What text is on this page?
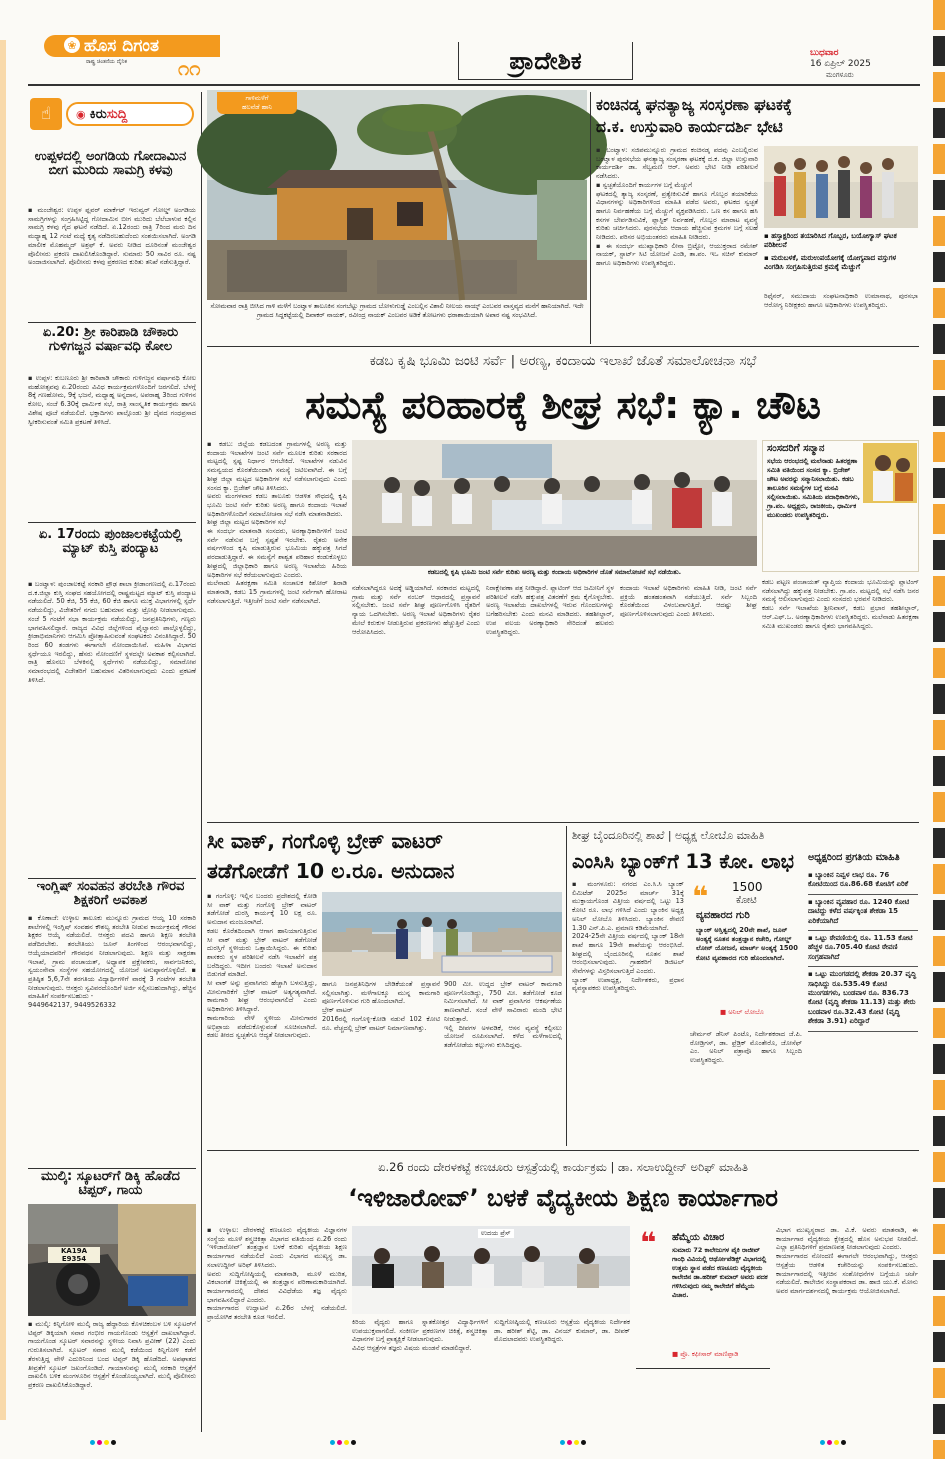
❀ ಹೊಸ ದಿಗಂತ
ರಾಷ್ಟ್ರ ಚಿಂತನೆಯ ದೈನಿಕ	೧೧	ಪ್ರಾದೇಶಿಕ	ಬುಧವಾರ
16 ಏಪ್ರಿಲ್ 2025
ಮಂಗಳೂರು
☝	◉ ಕಿರು ಸುದ್ದಿ
ಉಪ್ಪಳದಲ್ಲಿ ಅಂಗಡಿಯ ಗೋದಾಮಿನ ಬೀಗ ಮುರಿದು ಸಾಮಗ್ರಿ ಕಳವು
▪ ಮಂಜೇಶ್ವರ: ಉಪ್ಪಳ ಫ್ಲವರ್ ಮಾರ್ಕೆಟ್ ಇರುವ್ವರ್ ಗೋಲ್ಡ್ ಅಂಗಡಿಯ ಸಾಮಗ್ರಿಗಳನ್ನು ಸಂಗ್ರಹಿಸಿಟ್ಟಿದ್ದ ಗೋದಾಮಿನ ಬೀಗ ಮುರಿದು ಬೆಲೆಬಾಳುವ ಕಲ್ಲಿನ ಸಾಮಗ್ರಿ ಕಳವು ಗೈದ ಘಟನೆ ನಡೆದಿದೆ. ಏ.12ರಂದು ರಾತ್ರಿ 7ರಿಂದ ಮರು ದಿನ ಮಧ್ಯಾಹ್ನ 12 ಗಂಟೆ ಮಧ್ಯೆ ಕೃತ್ಯ ನಡೆದಿರಬಹುದೆಂದು ಸಂಶಯಿಸಲಾಗಿದೆ. ಅಂಗಡಿ ಮಾಲೀಕ ಮೊಹಮ್ಮದ್ ಅಶ್ರಫ್ ಕೆ. ಅವರು ನೀಡಿದ ದೂರಿನಂತೆ ಮಂಜೇಶ್ವರ ಪೊಲೀಸರು ಪ್ರಕರಣ ದಾಖಲಿಸಿಕೊಂಡಿದ್ದಾರೆ. ಸುಮಾರು 50 ಸಾವಿರ ರೂ. ನಷ್ಟ ಅಂದಾಜಿಸಲಾಗಿದೆ. ಪೊಲೀಸರು ಕಳವು ಪ್ರಕರಣದ ಕುರಿತು ತನಿಖೆ ನಡೆಸುತ್ತಿದ್ದಾರೆ.
ಏ.20: ಶ್ರೀ ಕಾರಿಪಾಡಿ ಚೌಕಾರು ಗುಳಿಗಜ್ಜನ ವರ್ಷಾವಧಿ ಕೋಲ
▪ ಉಪ್ಪಳ: ಕುಬಣೂರು ಶ್ರೀ ಕಾರಿಪಾಡಿ ಚೌಕಾರು ಗುಳಿಗಜ್ಜನ ವರ್ಷಾವಧಿ ಕೋಲ ಮಹೋತ್ಸವವು ಏ.20ರಂದು ವಿವಿಧ ಕಾರ್ಯಕ್ರಮಗಳೊಂದಿಗೆ ಜರಗಲಿದೆ. ಬೆಳಗ್ಗೆ 8ಕ್ಕೆ ಗಣಹೋಮ, 9ಕ್ಕೆ ಭಜನೆ, ಮಧ್ಯಾಹ್ನ ಅನ್ನದಾನ, ಅಪರಾಹ್ನ 3ರಿಂದ ಗುಳಿಗನ ಕೋಲ, ಸಂಜೆ 6.30ಕ್ಕೆ ಧಾರ್ಮಿಕ ಸಭೆ, ರಾತ್ರಿ ಸಾಂಸ್ಕೃತಿಕ ಕಾರ್ಯಕ್ರಮ ಹಾಗೂ ವಿಶೇಷ ಪೂಜೆ ನಡೆಯಲಿದೆ. ಭಕ್ತಾದಿಗಳು ಪಾಲ್ಗೊಂಡು ಶ್ರೀ ದೈವದ ಗಂಧಪ್ರಸಾದ ಸ್ವೀಕರಿಸುವಂತೆ ಸಮಿತಿ ಪ್ರಕಟಣೆ ತಿಳಿಸಿದೆ.
ಏ. 17ರಂದು ಪುಂಜಾಲಕಟ್ಟೆಯಲ್ಲಿ ಮ್ಯಾಟ್ ಕುಸ್ತಿ ಪಂದ್ಯಾಟ
▪ ಬಂಟ್ವಾಳ: ಪುಂಜಾಲಕಟ್ಟೆ ಸರಕಾರಿ ಪ್ರೌಢ ಶಾಲಾ ಕ್ರೀಡಾಂಗಣದಲ್ಲಿ ಏ.17ರಂದು ದ.ಕ.ಜಿಲ್ಲಾ ಕುಸ್ತಿ ಸಂಘದ ಸಹಯೋಗದಲ್ಲಿ ರಾಷ್ಟ್ರಮಟ್ಟದ ಮ್ಯಾಟ್ ಕುಸ್ತಿ ಪಂದ್ಯಾಟ ನಡೆಯಲಿದೆ. 50 ಕೆಜಿ, 55 ಕೆಜಿ, 60 ಕೆಜಿ ಹಾಗೂ ಮುಕ್ತ ವಿಭಾಗಗಳಲ್ಲಿ ಸ್ಪರ್ಧೆ ನಡೆಯಲಿದ್ದು, ವಿಜೇತರಿಗೆ ನಗದು ಬಹುಮಾನ ಮತ್ತು ಟ್ರೋಫಿ ನೀಡಲಾಗುವುದು. ಸಂಜೆ 5 ಗಂಟೆಗೆ ಸಭಾ ಕಾರ್ಯಕ್ರಮ ನಡೆಯಲಿದ್ದು, ಜನಪ್ರತಿನಿಧಿಗಳು, ಗಣ್ಯರು ಭಾಗವಹಿಸಲಿದ್ದಾರೆ. ರಾಜ್ಯದ ವಿವಿಧ ಜಿಲ್ಲೆಗಳಿಂದ ಪೈಲ್ವಾನರು ಪಾಲ್ಗೊಳ್ಳಲಿದ್ದು, ಕ್ರೀಡಾಭಿಮಾನಿಗಳು ಆಗಮಿಸಿ ಪ್ರೋತ್ಸಾಹಿಸುವಂತೆ ಸಂಘಟಕರು ವಿನಂತಿಸಿದ್ದಾರೆ. 50 ರಿಂದ 60 ತಂಡಗಳು ಈಗಾಗಲೇ ನೋಂದಾಯಿಸಿವೆ. ಮಹಿಳಾ ವಿಭಾಗದ ಸ್ಪರ್ಧೆಯೂ ಇರಲಿದ್ದು, ಹೆಸರು ನೋಂದಣಿಗೆ ಸ್ಥಳದಲ್ಲೇ ಅವಕಾಶ ಕಲ್ಪಿಸಲಾಗಿದೆ. ರಾತ್ರಿ ಹೊನಲು ಬೆಳಕಿನಲ್ಲಿ ಸ್ಪರ್ಧೆಗಳು ನಡೆಯಲಿದ್ದು, ಸಮಾರೋಪ ಸಮಾರಂಭದಲ್ಲಿ ವಿಜೇತರಿಗೆ ಬಹುಮಾನ ವಿತರಿಸಲಾಗುವುದು ಎಂದು ಪ್ರಕಟಣೆ ತಿಳಿಸಿದೆ.
ಇಂಗ್ಲಿಷ್ ಸಂವಹನ ತರಬೇತಿ ಗೌರವ ಶಿಕ್ಷಕರಿಗೆ ಅವಕಾಶ
▪ ಕೊಣಾಜೆ: ಉಳ್ಳಾಲ ತಾಲೂಕು ಮುನ್ನೂರು ಗ್ರಾಮದ ಆಯ್ದ 10 ಸರಕಾರಿ ಶಾಲೆಗಳಲ್ಲಿ ಇಂಗ್ಲಿಷ್ ಸಂವಹನ ಕೌಶಲ್ಯ ತರಬೇತಿ ನೀಡುವ ಕಾರ್ಯಕ್ರಮಕ್ಕೆ ಗೌರವ ಶಿಕ್ಷಕರ ಆಯ್ಕೆ ನಡೆಯಲಿದೆ. ಆಸಕ್ತರು ಪದವಿ ಹಾಗೂ ಶಿಕ್ಷಣ ತರಬೇತಿ ಪಡೆದಿರಬೇಕು. ತರಬೇತಿಯು ಜೂನ್ ತಿಂಗಳಿಂದ ಆರಂಭವಾಗಲಿದ್ದು, ಆಯ್ಕೆಯಾದವರಿಗೆ ಗೌರವಧನ ನೀಡಲಾಗುವುದು. ಶಿಕ್ಷಣ ಮತ್ತು ಸಾಕ್ಷರತಾ ಇಲಾಖೆ, ಗ್ರಾಮ ಪಂಚಾಯತ್, ಅಧ್ಯಾಪಕ ಪ್ರಕ್ಷೇಪಕರು, ಸಾರ್ವಜನಿಕರು, ಸ್ವಯಂಸೇವಾ ಸಂಸ್ಥೆಗಳ ಸಹಯೋಗದಲ್ಲಿ ಯೋಜನೆ ಅನುಷ್ಠಾನಗೊಳ್ಳಲಿದೆ. ▪ ಪ್ರತಿಷ್ಠಿತ 5,6,7ನೇ ತರಗತಿಯ ವಿದ್ಯಾರ್ಥಿಗಳಿಗೆ ವಾರಕ್ಕೆ 3 ಗಂಟೆಗಳ ತರಬೇತಿ ನೀಡಲಾಗುವುದು. ಆಸಕ್ತರು ಸ್ವವಿವರದೊಂದಿಗೆ ಅರ್ಜಿ ಸಲ್ಲಿಸಬಹುದಾಗಿದ್ದು, ಹೆಚ್ಚಿನ ಮಾಹಿತಿಗೆ ಸಂಪರ್ಕಿಸಬಹುದು -
9449642137, 9449526332
ಮುಲ್ಕಿ: ಸ್ಕೂಟರ್‌ಗೆ ಡಿಕ್ಕಿ ಹೊಡೆದ ಟಿಪ್ಪರ್, ಗಾಯ
KA19A E9354
▪ ಮುಲ್ಕಿ: ಕಿನ್ನಿಗೋಳಿ ಮುಲ್ಕಿ ರಾಜ್ಯ ಹೆದ್ದಾರಿಯ ಕೊಳಚಿಕಂಬಳ ಬಳಿ ಸ್ಕೂಟರ್‌ಗೆ ಟಿಪ್ಪರ್ ಡಿಕ್ಕಿಯಾಗಿ ಸವಾರ ಗಂಭೀರ ಗಾಯಗೊಂಡು ಆಸ್ಪತ್ರೆಗೆ ದಾಖಲಾಗಿದ್ದಾರೆ. ಗಾಯಗೊಂಡ ಸ್ಕೂಟರ್ ಸವಾರನನ್ನು ಸ್ಥಳೀಯ ನಿವಾಸಿ ಪ್ರವೀಣ್ (22) ಎಂದು ಗುರುತಿಸಲಾಗಿದೆ. ಸ್ಕೂಟರ್ ಸವಾರ ಮುಲ್ಕಿ ಕಡೆಯಿಂದ ಕಿನ್ನಿಗೋಳಿ ಕಡೆಗೆ ತೆರಳುತ್ತಿದ್ದ ವೇಳೆ ಎದುರಿನಿಂದ ಬಂದ ಟಿಪ್ಪರ್ ಡಿಕ್ಕಿ ಹೊಡೆದಿದೆ. ಅಪಘಾತದ ತೀವ್ರತೆಗೆ ಸ್ಕೂಟರ್ ಜಖಂಗೊಂಡಿದೆ. ಗಾಯಾಳುವನ್ನು ಮುಲ್ಕಿ ಸರಕಾರಿ ಆಸ್ಪತ್ರೆಗೆ ದಾಖಲಿಸಿ ಬಳಿಕ ಮಂಗಳೂರಿನ ಆಸ್ಪತ್ರೆಗೆ ಕೊಂಡೊಯ್ಯಲಾಗಿದೆ. ಮುಲ್ಕಿ ಪೊಲೀಸರು ಪ್ರಕರಣ ದಾಖಲಿಸಿಕೊಂಡಿದ್ದಾರೆ.
ಗಾಳಿಮಳೆಗೆ
ಹಲವೆಡೆ ಹಾನಿ
ಸೋಮವಾರ ರಾತ್ರಿ ಬೀಸಿದ ಗಾಳಿ ಮಳೆಗೆ ಬಂಟ್ವಾಳ ತಾಲೂಕಿನ ಸಂಗಬೆಟ್ಟು ಗ್ರಾಮದ ಬೋಳುಗುಡ್ಡೆ ಎಂಬಲ್ಲಿನ ವಿಶಾಲಿ ನೀಲಯ ನಾಯ್ಕ್ ಎಂಬವರ ವಾಸ್ತವ್ಯದ ಮನೆಗೆ ಹಾನಿಯಾಗಿದೆ. ಇದೇ ಗ್ರಾಮದ ಸಿದ್ದಕಟ್ಟೆಯಲ್ಲಿ ದಿವಾಕರ್ ನಾಯಕ್, ರವೀಂದ್ರ ನಾಯಕ್ ಎಂಬವರ ಅಡಿಕೆ ತೋಟಗಳು ಧರಾಶಾಯಿಯಾಗಿ ಅಪಾರ ನಷ್ಟ ಸಂಭವಿಸಿದೆ.
ಕಂಚಿನಡ್ಕ ಘನತ್ಯಾಜ್ಯ ಸಂಸ್ಕರಣಾ ಘಟಕಕ್ಕೆ
ದ.ಕ. ಉಸ್ತುವಾರಿ ಕಾರ್ಯದರ್ಶಿ ಭೇಟಿ
▪ ಬಂಟ್ವಾಳ: ಸಜಿಪಮುನ್ನೂರು ಗ್ರಾಮದ ಕಂಚಿನಡ್ಕ ಪದವು ಎಂಬಲ್ಲಿರುವ ಬಂಟ್ವಾಳ ಪುರಸಭೆಯ ಘನತ್ಯಾಜ್ಯ ಸಂಸ್ಕರಣಾ ಘಟಕಕ್ಕೆ ದ.ಕ. ಜಿಲ್ಲಾ ಉಸ್ತುವಾರಿ ಕಾರ್ಯದರ್ಶಿ ಡಾ. ಸೆಲ್ವಮಣಿ ಆರ್. ಅವರು ಭೇಟಿ ನೀಡಿ ಪರಿಶೀಲನೆ ನಡೆಸಿದರು.
▪ ಸ್ವಚ್ಛತೆಯೊಂದಿಗೆ ಕಾರ್ಯಗಳ ಬಗ್ಗೆ ಮೆಚ್ಚುಗೆ
ಘಟಕದಲ್ಲಿ ತ್ಯಾಜ್ಯ ಸಂಸ್ಕರಣೆ, ಪ್ರತ್ಯೇಕಿಸುವಿಕೆ ಹಾಗೂ ಗೊಬ್ಬರ ತಯಾರಿಕೆಯ ವಿಧಾನಗಳನ್ನು ಅಧಿಕಾರಿಗಳಿಂದ ಮಾಹಿತಿ ಪಡೆದ ಅವರು, ಘಟಕದ ಸ್ವಚ್ಛತೆ ಹಾಗೂ ನಿರ್ವಹಣೆಯ ಬಗ್ಗೆ ಮೆಚ್ಚುಗೆ ವ್ಯಕ್ತಪಡಿಸಿದರು. ಒಣ ಕಸ ಹಾಗೂ ಹಸಿ ಕಸಗಳ ಬೇರ್ಪಡಿಸುವಿಕೆ, ಪ್ಲಾಸ್ಟಿಕ್ ನಿರ್ವಹಣೆ, ಗೊಬ್ಬರ ಮಾರಾಟ ವ್ಯವಸ್ಥೆ ಕುರಿತು ಚರ್ಚಿಸಿದರು. ಪುರಸಭೆಯ ಆದಾಯ ಹೆಚ್ಚಿಸುವ ಕ್ರಮಗಳ ಬಗ್ಗೆ ಸಲಹೆ ನೀಡಿದರು. ಪರಿಸರ ಅಭಿಯಂತರರು ಮಾಹಿತಿ ನೀಡಿದರು.
▪ ಈ ಸಂದರ್ಭ ಮುಖ್ಯಾಧಿಕಾರಿ ಲೀನಾ ಬ್ರಿಟ್ಟೋ, ಆಯುಕ್ತರಾದ ರಮೇಶ್ ನಾಯಕ್, ಸ್ಟಾರ್ಟ್ ಸಿಟಿ ಯೋಜನೆ ಎಂಡಿ, ತಾ.ಪಂ. ಇಒ ಸಚಿನ್ ಕುಮಾರ್ ಹಾಗೂ ಅಧಿಕಾರಿಗಳು ಉಪಸ್ಥಿತರಿದ್ದರು.
▪ ಹಸ್ತಾಕ್ಷರಿಂದ ತಯಾರಿಸಿದ ಗೊಬ್ಬರ, ಬಯೋಗ್ಯಾಸ್ ಘಟಕ ಪರಿಶೀಲನೆ
▪ ಮರುಬಳಕೆ, ಮರುಉಪಯೋಗಕ್ಕೆ ಯೋಗ್ಯವಾದ ವಸ್ತುಗಳ ವಿಂಗಡಿಸಿ ಸಂಗ್ರಹಿಸುತ್ತಿರುವ ಕ್ರಮಕ್ಕೆ ಮೆಚ್ಚುಗೆ
ರಿಫೈನರ್, ಸಮುದಾಯ ಸಂಘಟನಾಧಿಕಾರಿ ಉಮಾನಾಥ, ಪುರಸಭಾ ಆರೋಗ್ಯ ನಿರೀಕ್ಷಕರು ಹಾಗೂ ಅಧಿಕಾರಿಗಳು ಉಪಸ್ಥಿತರಿದ್ದರು.
ಕಡಬ ಕೃಷಿ ಭೂಮಿ ಜಂಟಿ ಸರ್ವೆ | ಅರಣ್ಯ, ಕಂದಾಯ ಇಲಾಖೆ ಜೊತೆ ಸಮಾಲೋಚನಾ ಸಭೆ
ಸಮಸ್ಯೆ ಪರಿಹಾರಕ್ಕೆ ಶೀಘ್ರ ಸಭೆ: ಕ್ಯಾ. ಚೌಟ
▪ ಕಡಬ: ಜಿಲ್ಲೆಯ ಕಡಬದಂತ ಗ್ರಾಮಗಳಲ್ಲಿ ಅರಣ್ಯ ಮತ್ತು ಕಂದಾಯ ಇಲಾಖೆಗಳ ಜಂಟಿ ಸರ್ವೆ ಮೂಲಕ ಕುರಿತು ಸರಕಾರದ ಮಟ್ಟದಲ್ಲಿ ಸ್ಪಷ್ಟ ನಿರ್ಧಾರ ಆಗಬೇಕಿದೆ. ಇಲಾಖೆಗಳ ನಡುವಿನ ಸಮನ್ವಯದ ಕೊರತೆಯಿಂದಾಗಿ ಸಮಸ್ಯೆ ಜಟಿಲವಾಗಿದೆ. ಈ ಬಗ್ಗೆ ಶೀಘ್ರ ಜಿಲ್ಲಾ ಮಟ್ಟದ ಅಧಿಕಾರಿಗಳ ಸಭೆ ನಡೆಸಲಾಗುವುದು ಎಂದು ಸಂಸದ ಕ್ಯಾ. ಬ್ರಿಜೇಶ್ ಚೌಟ ತಿಳಿಸಿದರು.
ಅವರು ಮಂಗಳವಾರ ಕಡಬ ತಾಲೂಕು ಆಡಳಿತ ಸೌಧದಲ್ಲಿ ಕೃಷಿ ಭೂಮಿ ಜಂಟಿ ಸರ್ವೆ ಕುರಿತು ಅರಣ್ಯ ಹಾಗೂ ಕಂದಾಯ ಇಲಾಖೆ ಅಧಿಕಾರಿಗಳೊಂದಿಗೆ ಸಮಾಲೋಚನಾ ಸಭೆ ನಡೆಸಿ ಮಾತನಾಡಿದರು.
ಶೀಘ್ರ ಜಿಲ್ಲಾ ಮಟ್ಟದ ಅಧಿಕಾರಿಗಳ ಸಭೆ
ಈ ಸಂದರ್ಭ ಮಾತನಾಡಿ ಸಂಸದರು, ಅರಣ್ಯಾಧಿಕಾರಿಗಳಿಗೆ ಜಂಟಿ ಸರ್ವೆ ನಡೆಸುವ ಬಗ್ಗೆ ಸ್ಪಷ್ಟತೆ ಇರಬೇಕು. ರೈತರು ಅನೇಕ ವರ್ಷಗಳಿಂದ ಕೃಷಿ ಮಾಡುತ್ತಿರುವ ಭೂಮಿಯ ಹಕ್ಕುಪತ್ರ ಸಿಗದೆ ಪರದಾಡುತ್ತಿದ್ದಾರೆ. ಈ ಸಮಸ್ಯೆಗೆ ಶಾಶ್ವತ ಪರಿಹಾರ ಕಂಡುಕೊಳ್ಳಲು ಶೀಘ್ರದಲ್ಲಿ ಜಿಲ್ಲಾಧಿಕಾರಿ ಹಾಗೂ ಅರಣ್ಯ ಇಲಾಖೆಯ ಹಿರಿಯ ಅಧಿಕಾರಿಗಳ ಸಭೆ ಕರೆಯಲಾಗುವುದು ಎಂದರು.
ಮಲೆನಾಡು ಹಿತರಕ್ಷಣಾ ಸಮಿತಿ ಸಂಚಾಲಕ ಕಿಶೋರ್ ಶಿರಾಡಿ ಮಾತನಾಡಿ, ಕಡಬ 15 ಗ್ರಾಮಗಳಲ್ಲಿ ಜಂಟಿ ಸರ್ವೆಗಾಗಿ ಹೋರಾಟ ನಡೆಸಲಾಗುತ್ತಿದೆ. ಇತ್ತೀಚೆಗೆ ಜಂಟಿ ಸರ್ವೆ ನಡೆಸಲಾಗಿದೆ.
ಕಡಬದಲ್ಲಿ ಕೃಷಿ ಭೂಮಿ ಜಂಟಿ ಸರ್ವೆ ಕುರಿತು ಅರಣ್ಯ ಮತ್ತು ಕಂದಾಯ ಅಧಿಕಾರಿಗಳ ಜೊತೆ ಸಮಾಲೋಚನೆ ಸಭೆ ನಡೆಯಿತು.
ನಡೆಸಲಾಗಿದ್ದರೂ ಅದಕ್ಕೆ ಅಡ್ಡಿಯಾಗಿದೆ. ಸರಕಾರದ ಮಟ್ಟದಲ್ಲಿ ಗ್ರಾಮ ಮತ್ತು ಸರ್ವೆ ನಂಬರ್ ಆಧಾರದಲ್ಲಿ ಪ್ರಸ್ತಾವನೆ ಸಲ್ಲಿಸಬೇಕು. ಜಂಟಿ ಸರ್ವೆ ಶೀಘ್ರ ಪೂರ್ಣಗೊಳಿಸಿ ರೈತರಿಗೆ ನ್ಯಾಯ ಒದಗಿಸಬೇಕು. ಅರಣ್ಯ ಇಲಾಖೆ ಅಧಿಕಾರಿಗಳು ರೈತರ ಮೇಲೆ ಕಿರುಕುಳ ನೀಡುತ್ತಿರುವ ಪ್ರಕರಣಗಳು ಹೆಚ್ಚುತ್ತಿವೆ ಎಂದು ಆರೋಪಿಸಿದರು.
ನಿರಾಕ್ಷೇಪಣಾ ಪತ್ರ ನೀಡಿದ್ದಾರೆ. ಪ್ಲಾಟಿಂಗ್ ಆದ ಜಮೀನಿಗೆ ಸ್ಥಳ ಪರಿಶೀಲನೆ ನಡೆಸಿ ಹಕ್ಕುಪತ್ರ ವಿತರಣೆಗೆ ಕ್ರಮ ಕೈಗೊಳ್ಳಬೇಕು. ಅರಣ್ಯ ಇಲಾಖೆಯ ದಾಖಲೆಗಳಲ್ಲಿ ಇರುವ ಗೊಂದಲಗಳನ್ನು ಬಗೆಹರಿಸಬೇಕು ಎಂದು ಮನವಿ ಮಾಡಿದರು. ತಹಶೀಲ್ದಾರ್, ಉಪ ವಲಯ ಅರಣ್ಯಾಧಿಕಾರಿ ಸೇರಿದಂತೆ ಹಲವರು ಉಪಸ್ಥಿತರಿದ್ದರು.
ಕಂದಾಯ ಇಲಾಖೆ ಅಧಿಕಾರಿಗಳು ಮಾಹಿತಿ ನೀಡಿ, ಜಂಟಿ ಸರ್ವೆ ಪ್ರಕ್ರಿಯೆ ಹಂತಹಂತವಾಗಿ ನಡೆಯುತ್ತಿದೆ. ಸರ್ವೆ ಸಿಬ್ಬಂದಿ ಕೊರತೆಯಿಂದ ವಿಳಂಬವಾಗುತ್ತಿದೆ. ಆದಷ್ಟು ಶೀಘ್ರ ಪೂರ್ಣಗೊಳಿಸಲಾಗುವುದು ಎಂದು ತಿಳಿಸಿದರು.
ಸಂಸದರಿಗೆ ಸನ್ಮಾನ
ಸಭೆಯ ಆರಂಭದಲ್ಲಿ ಮಲೆನಾಡು ಹಿತರಕ್ಷಣಾ ಸಮಿತಿ ವತಿಯಿಂದ ಸಂಸದ ಕ್ಯಾ. ಬ್ರಿಜೇಶ್ ಚೌಟ ಅವರನ್ನು ಸನ್ಮಾನಿಸಲಾಯಿತು. ಕಡಬ ತಾಲೂಕಿನ ಸಮಸ್ಯೆಗಳ ಬಗ್ಗೆ ಮನವಿ ಸಲ್ಲಿಸಲಾಯಿತು. ಸಮಿತಿಯ ಪದಾಧಿಕಾರಿಗಳು, ಗ್ರಾ.ಪಂ. ಅಧ್ಯಕ್ಷರು, ರಾಜಕೀಯ, ಧಾರ್ಮಿಕ ಮುಖಂಡರು ಉಪಸ್ಥಿತರಿದ್ದರು.
ಕಡಬ ಪಟ್ಟಣ ಪಂಚಾಯತ್ ವ್ಯಾಪ್ತಿಯ ಕಂದಾಯ ಭೂಮಿಯನ್ನು ಪ್ಲಾಟಿಂಗ್ ನಡೆಸಲಾಗಿದ್ದು ಹಕ್ಕುಪತ್ರ ನೀಡಬೇಕು. ಗ್ರಾ.ಪಂ. ಮಟ್ಟದಲ್ಲಿ ಸಭೆ ನಡೆಸಿ ಜನರ ಸಮಸ್ಯೆ ಆಲಿಸಲಾಗುವುದು ಎಂದು ಸಂಸದರು ಭರವಸೆ ನೀಡಿದರು.
ಕಡಬ ಸರ್ವೆ ಇಲಾಖೆಯ ಶ್ರೀನಿವಾಸ್, ಕಡಬ ಪ್ರಭಾರ ತಹಶೀಲ್ದಾರ್, ಆರ್.ಎಫ್.ಒ. ಅರಣ್ಯಾಧಿಕಾರಿಗಳು ಉಪಸ್ಥಿತರಿದ್ದರು. ಮಲೆನಾಡು ಹಿತರಕ್ಷಣಾ ಸಮಿತಿ ಮುಖಂಡರು ಹಾಗೂ ರೈತರು ಭಾಗವಹಿಸಿದ್ದರು.
ಸೀ ವಾಕ್, ಗಂಗೊಳ್ಳಿ ಬ್ರೇಕ್ ವಾಟರ್
ತಡೆಗೋಡೆಗೆ 10 ಲ.ರೂ. ಅನುದಾನ
▪ ಗಂಗೊಳ್ಳಿ: ಇಲ್ಲಿನ ಬಂದರು ಪ್ರದೇಶದಲ್ಲಿ ಕೋಡಿ ಸೀ ವಾಕ್ ಮತ್ತು ಗಂಗೊಳ್ಳಿ ಬ್ರೇಕ್ ವಾಟರ್ ತಡೆಗೋಡೆ ದುರಸ್ತಿ ಕಾರ್ಯಕ್ಕೆ 10 ಲಕ್ಷ ರೂ. ಅನುದಾನ ಮಂಜೂರಾಗಿದೆ.
ಕಡಲ ಕೊರೆತದಿಂದಾಗಿ ಆಗಾಗ ಹಾನಿಯಾಗುತ್ತಿರುವ ಸೀ ವಾಕ್ ಮತ್ತು ಬ್ರೇಕ್ ವಾಟರ್ ತಡೆಗೋಡೆ ದುರಸ್ತಿಗೆ ಸ್ಥಳೀಯರು ಒತ್ತಾಯಿಸಿದ್ದರು. ಈ ಕುರಿತು ಶಾಸಕರು ಸ್ಥಳ ಪರಿಶೀಲನೆ ನಡೆಸಿ ಇಲಾಖೆಗೆ ಪತ್ರ ಬರೆದಿದ್ದರು. ಇದೀಗ ಬಂದರು ಇಲಾಖೆ ಅನುದಾನ ಬಿಡುಗಡೆ ಮಾಡಿದೆ.
ಸೀ ವಾಕ್ ಅನ್ನು ಪ್ರವಾಸಿಗರು ಹೆಚ್ಚಾಗಿ ಬಳಸುತ್ತಿದ್ದು, ಮೀನುಗಾರಿಕೆಗೆ ಬ್ರೇಕ್ ವಾಟರ್ ಅತ್ಯಗತ್ಯವಾಗಿದೆ. ಕಾಮಗಾರಿ ಶೀಘ್ರ ಆರಂಭವಾಗಲಿದೆ ಎಂದು ಅಧಿಕಾರಿಗಳು ತಿಳಿಸಿದ್ದಾರೆ.
ಕಾಮಗಾರಿಯ ವೇಳೆ ಸ್ಥಳೀಯ ಮೀನುಗಾರರ ಅಭಿಪ್ರಾಯ ಪಡೆದುಕೊಳ್ಳುವಂತೆ ಸೂಚಿಸಲಾಗಿದೆ. ಕಡಲ ತೀರದ ಸ್ವಚ್ಛತೆಗೂ ಆದ್ಯತೆ ನೀಡಲಾಗುವುದು.
ಹಾಗೂ ಜನಪ್ರತಿನಿಧಿಗಳ ಬೇಡಿಕೆಯಂತೆ ಪ್ರಸ್ತಾವನೆ ಸಲ್ಲಿಸಲಾಗಿತ್ತು. ಮಳೆಗಾಲಕ್ಕೂ ಮುನ್ನ ಕಾಮಗಾರಿ ಪೂರ್ಣಗೊಳಿಸುವ ಗುರಿ ಹೊಂದಲಾಗಿದೆ.
ಬ್ರೇಕ್ ವಾಟರ್
2016ರಲ್ಲಿ ಗಂಗೊಳ್ಳಿ-ಕೋಡಿ ನಡುವೆ 102 ಕೋಟಿ ರೂ. ವೆಚ್ಚದಲ್ಲಿ ಬ್ರೇಕ್ ವಾಟರ್ ನಿರ್ಮಾಣವಾಗಿತ್ತು.
900 ಮೀ. ಉದ್ದದ ಬ್ರೇಕ್ ವಾಟರ್ ಕಾಮಗಾರಿ ಪೂರ್ಣಗೊಂಡಿದ್ದು, 750 ಮೀ. ತಡೆಗೋಡೆ ಕೂಡ ನಿರ್ಮಿಸಲಾಗಿದೆ. ಸೀ ವಾಕ್ ಪ್ರವಾಸಿಗರ ಆಕರ್ಷಣೆಯ ತಾಣವಾಗಿದೆ. ಸಂಜೆ ವೇಳೆ ಸಾವಿರಾರು ಮಂದಿ ಭೇಟಿ ನೀಡುತ್ತಾರೆ.
ಇಲ್ಲಿ ದೀಪಗಳ ಅಳವಡಿಕೆ, ಆಸನ ವ್ಯವಸ್ಥೆ ಕಲ್ಪಿಸಲು ಯೋಜನೆ ರೂಪಿಸಲಾಗಿದೆ. ಕಳೆದ ಮಳೆಗಾಲದಲ್ಲಿ ತಡೆಗೋಡೆಯ ಕಲ್ಲುಗಳು ಕುಸಿದಿದ್ದವು.
ಶೀಘ್ರ ಬೈಂದೂರಿನಲ್ಲಿ ಶಾಖೆ | ಅಧ್ಯಕ್ಷ ಲೋಬೊ ಮಾಹಿತಿ
ಎಂಸಿಸಿ ಬ್ಯಾಂಕ್‌ಗೆ 13 ಕೋ. ಲಾಭ
▪ ಮಂಗಳೂರು: ನಗರದ ಎಂ.ಸಿ.ಸಿ ಬ್ಯಾಂಕ್ ಲಿಮಿಟೆಡ್ 2025ರ ಮಾರ್ಚ್ 31ಕ್ಕೆ ಮುಕ್ತಾಯಗೊಂಡ ವಿತ್ತೀಯ ವರ್ಷದಲ್ಲಿ ಒಟ್ಟು 13 ಕೋಟಿ ರೂ. ಲಾಭ ಗಳಿಸಿದೆ ಎಂದು ಬ್ಯಾಂಕಿನ ಅಧ್ಯಕ್ಷ ಅನಿಲ್ ಲೋಬೊ ತಿಳಿಸಿದರು. ಬ್ಯಾಂಕಿನ ಠೇವಣಿ 1.30 ಎನ್.ಪಿ.ಎ. ಪ್ರಮಾಣ ಕಡಿಮೆಯಾಗಿದೆ.
2024-25ನೇ ವಿತ್ತೀಯ ವರ್ಷದಲ್ಲಿ ಬ್ಯಾಂಕ್ 18ನೇ ಶಾಖೆ ಹಾಗೂ 19ನೇ ಶಾಖೆಯನ್ನು ಆರಂಭಿಸಿದೆ. ಶೀಘ್ರದಲ್ಲಿ ಬೈಂದೂರಿನಲ್ಲಿ ನೂತನ ಶಾಖೆ ಆರಂಭಿಸಲಾಗುವುದು. ಗ್ರಾಹಕರಿಗೆ ಡಿಜಿಟಲ್ ಸೇವೆಗಳನ್ನು ವಿಸ್ತರಿಸಲಾಗುತ್ತಿದೆ ಎಂದರು.
ಬ್ಯಾಂಕ್ ಉಪಾಧ್ಯಕ್ಷ, ನಿರ್ದೇಶಕರು, ಪ್ರಧಾನ ವ್ಯವಸ್ಥಾಪಕರು ಉಪಸ್ಥಿತರಿದ್ದರು.
❝	1500
ಕೋಟಿ
ವ್ಯವಹಾರದ ಗುರಿ
ಬ್ಯಾಂಕ್ ಅಸ್ತಿತ್ವದಲ್ಲಿ 20ನೇ ಶಾಖೆ, ಜೂನ್ ಅಂತ್ಯಕ್ಕೆ ನೂತನ ತಂತ್ರಜ್ಞಾನ ಕಚೇರಿ, ಗೋಲ್ಡ್ ಲೋನ್ ಯೋಜನೆ, ಮಾರ್ಚ್ ಅಂತ್ಯಕ್ಕೆ 1500 ಕೋಟಿ ವ್ಯವಹಾರದ ಗುರಿ ಹೊಂದಲಾಗಿದೆ.
■ ಅನಿಲ್ ಲೋಬೊ
ಚೇರ್ಮನ್ ಡೆನಿಸ್ ಪಿಂಟೊ, ನಿರ್ದೇಶಕರಾದ ಜೆ.ಪಿ. ರೋಡ್ರಿಗಸ್, ಡಾ. ಫ್ರೆಡ್ರಿಕ್ ಮೊಂತೇರೊ, ಜೋಸೆಫ್ ಎಂ. ಅನಿಲ್ ಪತ್ರಾವೊ ಹಾಗೂ ಸಿಬ್ಬಂದಿ ಉಪಸ್ಥಿತರಿದ್ದರು.
ಅಧ್ಯಕ್ಷರಿಂದ ಪ್ರಗತಿಯ ಮಾಹಿತಿ
▪ ಬ್ಯಾಂಕಿನ ನಿವ್ವಳ ಲಾಭ ರೂ. 76 ಕೋಟಿಯಿಂದ ರೂ.86.68 ಕೋಟಿಗೆ ಏರಿಕೆ
▪ ಬ್ಯಾಂಕಿನ ವ್ಯವಹಾರ ರೂ. 1240 ಕೋಟಿ ದಾಟಿದ್ದು ಕಳೆದ ವರ್ಷಕ್ಕಿಂತ ಶೇಕಡಾ 15 ಏರಿಕೆಯಾಗಿದೆ
▪ ಒಟ್ಟು ಠೇವಣಿಯಲ್ಲಿ ರೂ. 11.53 ಕೋಟಿ ಹೆಚ್ಚಳ ರೂ.705.40 ಕೋಟಿ ಠೇವಣಿ ಸಂಗ್ರಹವಾಗಿದೆ
▪ ಒಟ್ಟು ಮುಂಗಡದಲ್ಲಿ ಶೇಕಡಾ 20.37 ವೃದ್ಧಿ ಸಾಧಿಸಿದ್ದು ರೂ.535.49 ಕೋಟಿ ಮುಂಗಡಗಳು, ಬಂಡವಾಳ ರೂ. 836.73 ಕೋಟಿ (ವೃದ್ಧಿ ಶೇಕಡಾ 11.13) ಮತ್ತು ಶೇರು ಬಂಡವಾಳ ರೂ.32.43 ಕೋಟಿ (ವೃದ್ಧಿ ಶೇಕಡಾ 3.91) ಏರಿದ್ದಾರೆ
ಏ.26 ರಂದು ದೇರಳಕಟ್ಟೆ ಕಣಚೂರು ಆಸ್ಪತ್ರೆಯಲ್ಲಿ ಕಾರ್ಯಕ್ರಮ | ಡಾ. ಸಲಾಉದ್ದೀನ್ ಅರಿಫ್ ಮಾಹಿತಿ
‘ಇಳಿಜಾರೋವ್’ ಬಳಕೆ ವೈದ್ಯಕೀಯ ಶಿಕ್ಷಣ ಕಾರ್ಯಾಗಾರ
▪ ಉಳ್ಳಾಲ: ದೇರಳಕಟ್ಟೆ ಕಣಚೂರು ವೈದ್ಯಕೀಯ ವಿಜ್ಞಾನಗಳ ಸಂಸ್ಥೆಯ ಮೂಳೆ ಶಸ್ತ್ರಚಿಕಿತ್ಸಾ ವಿಭಾಗದ ವತಿಯಿಂದ ಏ.26 ರಂದು ‘ಇಳಿಜಾರೋವ್’ ತಂತ್ರಜ್ಞಾನ ಬಳಕೆ ಕುರಿತು ವೈದ್ಯಕೀಯ ಶಿಕ್ಷಣ ಕಾರ್ಯಾಗಾರ ನಡೆಯಲಿದೆ ಎಂದು ವಿಭಾಗದ ಮುಖ್ಯಸ್ಥ ಡಾ. ಸಲಾಉದ್ದೀನ್ ಅರಿಫ್ ತಿಳಿಸಿದರು.
ಅವರು ಸುದ್ದಿಗೋಷ್ಠಿಯಲ್ಲಿ ಮಾತನಾಡಿ, ಮೂಳೆ ಮುರಿತ, ವಿಕಲಾಂಗತೆ ಚಿಕಿತ್ಸೆಯಲ್ಲಿ ಈ ತಂತ್ರಜ್ಞಾನ ಪರಿಣಾಮಕಾರಿಯಾಗಿದೆ. ಕಾರ್ಯಾಗಾರದಲ್ಲಿ ದೇಶದ ವಿವಿಧೆಡೆಯ ತಜ್ಞ ವೈದ್ಯರು ಭಾಗವಹಿಸಲಿದ್ದಾರೆ ಎಂದರು.
ಕಾರ್ಯಾಗಾರದ ಉದ್ಘಾಟನೆ ಏ.26ರ ಬೆಳಗ್ಗೆ ನಡೆಯಲಿದೆ. ಪ್ರಾಯೋಗಿಕ ತರಬೇತಿ ಕೂಡ ಇರಲಿದೆ.
ಉದಯ ಪ್ರೆಸ್
ಕಿರಿಯ ವೈದ್ಯರು ಹಾಗೂ ಸ್ನಾತಕೋತ್ತರ ವಿದ್ಯಾರ್ಥಿಗಳಿಗೆ ಉಪಯುಕ್ತವಾಗಲಿದೆ. ಸಂಕೀರ್ಣ ಪ್ರಕರಣಗಳ ಚಿಕಿತ್ಸೆ, ಶಸ್ತ್ರಚಿಕಿತ್ಸಾ ವಿಧಾನಗಳ ಬಗ್ಗೆ ಪ್ರಾತ್ಯಕ್ಷಿಕೆ ನೀಡಲಾಗುವುದು.
ವಿವಿಧ ಆಸ್ಪತ್ರೆಗಳ ತಜ್ಞರು ವಿಷಯ ಮಂಡನೆ ಮಾಡಲಿದ್ದಾರೆ.
ಸುದ್ದಿಗೋಷ್ಠಿಯಲ್ಲಿ ಕಣಚೂರು ಆಸ್ಪತ್ರೆಯ ವೈದ್ಯಕೀಯ ನಿರ್ದೇಶಕ ಡಾ. ಹರೀಶ್ ಶೆಟ್ಟಿ, ಡಾ. ವಿನಯ್ ಕುಮಾರ್, ಡಾ. ದೀಪಕ್ ಮೊದಲಾದವರು ಉಪಸ್ಥಿತರಿದ್ದರು.
❝ ಹೆಮ್ಮೆಯ ವಿಚಾರ
ಸುಮಾರು 72 ಕಾಲೇಜುಗಳ ಪೈಕಿ ರಾಜೀವ್ ಗಾಂಧಿ ವಿವಿಯಲ್ಲಿ ಆರ್ಥೋಪೆಡಿಕ್ಸ್ ವಿಭಾಗದಲ್ಲಿ ಉತ್ತಮ ಸ್ಥಾನ ಪಡೆದ ಕಣಚೂರು ವೈದ್ಯಕೀಯ ಕಾಲೇಜಿನ ಡಾ.ಹರೀಶ್ ಕುಮಾರ್ ಅವರು ಪದಕ ಗಳಿಸಿರುವುದು ನಮ್ಮ ಕಾಲೇಜಿಗೆ ಹೆಮ್ಮೆಯ ವಿಚಾರ.
■ ಪ್ರೊ. ಕಫೀಸಾರ್ ಮಾಣಿಪ್ಪಾಡಿ
ವಿಭಾಗ ಮುಖ್ಯಸ್ಥರಾದ ಡಾ. ವಿ.ಕೆ. ಅವರು ಮಾತನಾಡಿ, ಈ ಕಾರ್ಯಾಗಾರ ವೈದ್ಯಕೀಯ ಕ್ಷೇತ್ರದಲ್ಲಿ ಹೊಸ ಅನುಭವ ನೀಡಲಿದೆ. ಎಲ್ಲಾ ಪ್ರತಿನಿಧಿಗಳಿಗೆ ಪ್ರಮಾಣಪತ್ರ ನೀಡಲಾಗುವುದು ಎಂದರು.
ಕಾರ್ಯಾಗಾರದ ನೋಂದಣಿ ಈಗಾಗಲೇ ಆರಂಭವಾಗಿದ್ದು, ಆಸಕ್ತರು ಆಸ್ಪತ್ರೆಯ ಆಡಳಿತ ಕಚೇರಿಯನ್ನು ಸಂಪರ್ಕಿಸಬಹುದು. ಕಾರ್ಯಾಗಾರದಲ್ಲಿ ಇತ್ತೀಚಿನ ಸಂಶೋಧನೆಗಳ ಬಗ್ಗೆಯೂ ಚರ್ಚೆ ನಡೆಯಲಿದೆ. ಕಾಲೇಜಿನ ಸಂಸ್ಥಾಪಕರಾದ ಡಾ. ಹಾಜಿ ಯು.ಕೆ. ಮೋನು ಅವರ ಮಾರ್ಗದರ್ಶನದಲ್ಲಿ ಕಾರ್ಯಕ್ರಮ ಆಯೋಜಿಸಲಾಗಿದೆ.
